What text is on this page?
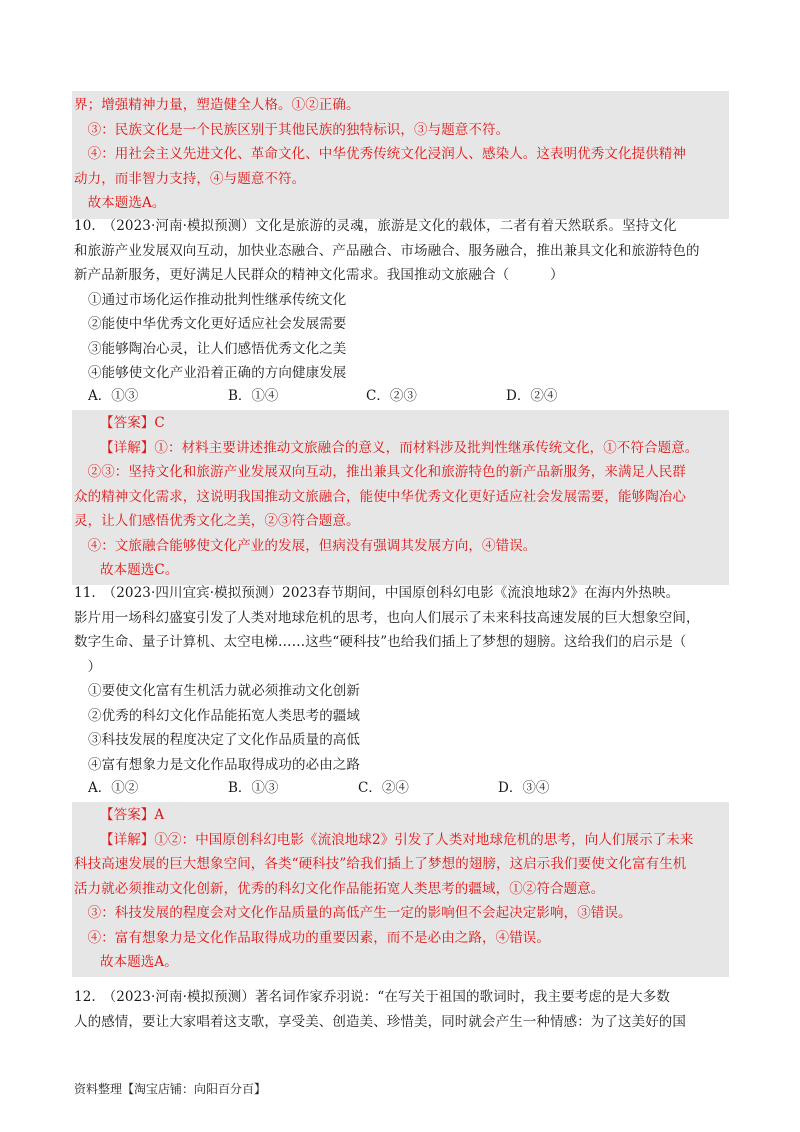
界；增强精神力量，塑造健全人格。①②正确。
　③：民族文化是一个民族区别于其他民族的独特标识，③与题意不符。
　④：用社会主义先进文化、革命文化、中华优秀传统文化浸润人、感染人。这表明优秀文化提供精神
动力，而非智力支持，④与题意不符。
　故本题选A。
10.　（2023·河南·模拟预测）文化是旅游的灵魂，旅游是文化的载体，二者有着天然联系。坚持文化
和旅游产业发展双向互动，加快业态融合、产品融合、市场融合、服务融合，推出兼具文化和旅游特色的
新产品新服务，更好满足人民群众的精神文化需求。我国推动文旅融合（　　　）
①通过市场化运作推动批判性继承传统文化
②能使中华优秀文化更好适应社会发展需要
③能够陶冶心灵，让人们感悟优秀文化之美
④能够使文化产业沿着正确的方向健康发展
A．①③	B．①④	C．②③	D．②④
【答案】C
【详解】①：材料主要讲述推动文旅融合的意义，而材料涉及批判性继承传统文化，①不符合题意。
　②③：坚持文化和旅游产业发展双向互动，推出兼具文化和旅游特色的新产品新服务，来满足人民群
众的精神文化需求，这说明我国推动文旅融合，能使中华优秀文化更好适应社会发展需要，能够陶冶心
灵，让人们感悟优秀文化之美，②③符合题意。
　④：文旅融合能够使文化产业的发展，但病没有强调其发展方向，④错误。
故本题选C。
11.　（2023·四川宜宾·模拟预测）2023春节期间，中国原创科幻电影《流浪地球2》在海内外热映。
影片用一场科幻盛宴引发了人类对地球危机的思考，也向人们展示了未来科技高速发展的巨大想象空间，
数字生命、量子计算机、太空电梯……这些“硬科技”也给我们插上了梦想的翅膀。这给我们的启示是（
　）
①要使文化富有生机活力就必须推动文化创新
②优秀的科幻文化作品能拓宽人类思考的疆域
③科技发展的程度决定了文化作品质量的高低
④富有想象力是文化作品取得成功的必由之路
A．①②	B．①③	C．②④	D．③④
【答案】A
【详解】①②：中国原创科幻电影《流浪地球2》引发了人类对地球危机的思考，向人们展示了未来
科技高速发展的巨大想象空间，各类“硬科技”给我们插上了梦想的翅膀，这启示我们要使文化富有生机
活力就必须推动文化创新，优秀的科幻文化作品能拓宽人类思考的疆域，①②符合题意。
　③：科技发展的程度会对文化作品质量的高低产生一定的影响但不会起决定影响，③错误。
　④：富有想象力是文化作品取得成功的重要因素，而不是必由之路，④错误。
故本题选A。
12.　（2023·河南·模拟预测）著名词作家乔羽说：“在写关于祖国的歌词时，我主要考虑的是大多数
人的感情，要让大家唱着这支歌，享受美、创造美、珍惜美，同时就会产生一种情感：为了这美好的国
资料整理【淘宝店铺：向阳百分百】
